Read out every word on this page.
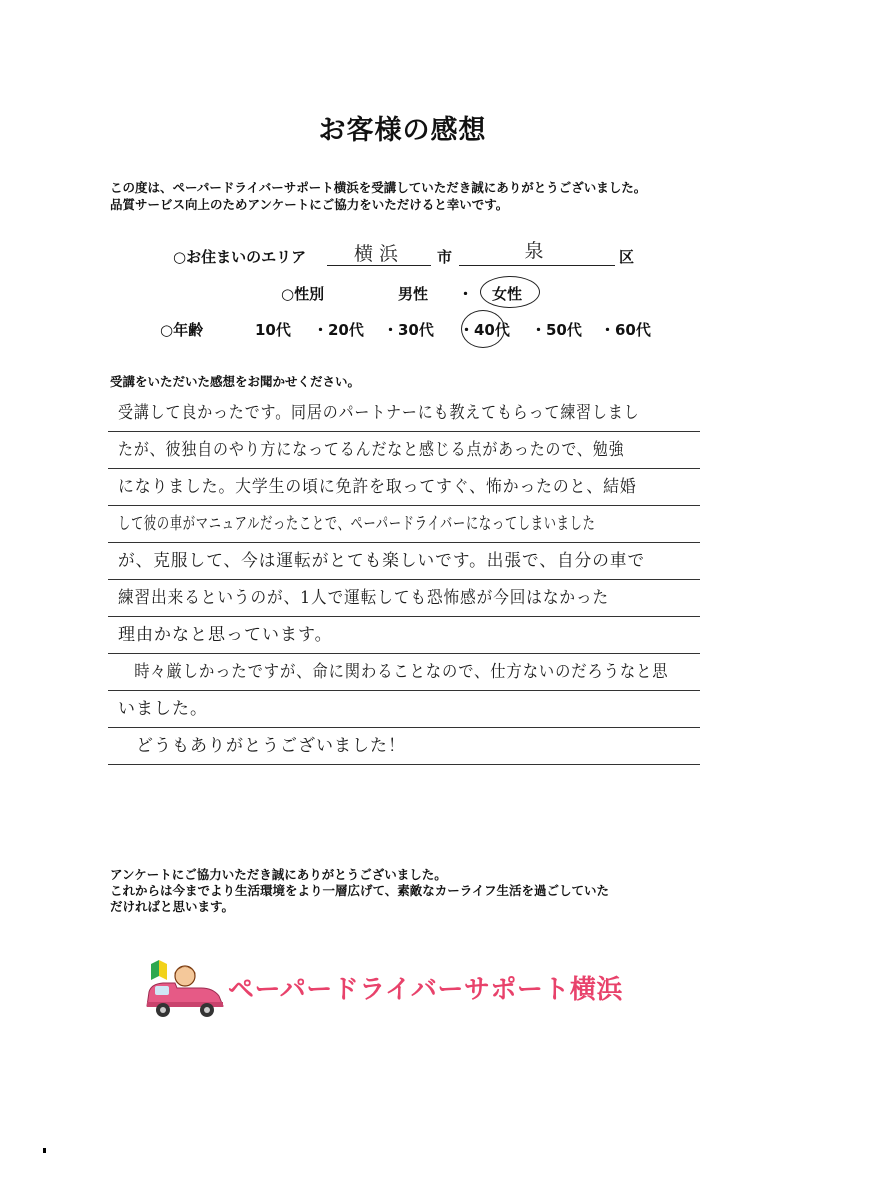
お客様の感想
この度は、ペーパードライバーサポート横浜を受講していただき誠にありがとうございました。
品質サービス向上のためアンケートにご協力をいただけると幸いです。
○お住まいのエリア	横浜	市	泉	区
○性別	男性 ・ 女性
○年齢	10代 ・20代 ・30代 ・40代 ・50代 ・60代
受講をいただいた感想をお聞かせください。
受講して良かったです。同居のパートナーにも教えてもらって練習しまし
たが、彼独自のやり方になってるんだなと感じる点があったので、勉強
になりました。大学生の頃に免許を取ってすぐ、怖かったのと、結婚
して彼の車がマニュアルだったことで、ペーパードライバーになってしまいました
が、克服して、今は運転がとても楽しいです。出張で、自分の車で
練習出来るというのが、1人で運転しても恐怖感が今回はなかった
理由かなと思っています。
　時々厳しかったですが、命に関わることなので、仕方ないのだろうなと思
いました。
　どうもありがとうございました！
アンケートにご協力いただき誠にありがとうございました。
これからは今までより生活環境をより一層広げて、素敵なカーライフ生活を過ごしていた
だければと思います。
ペーパードライバーサポート横浜
